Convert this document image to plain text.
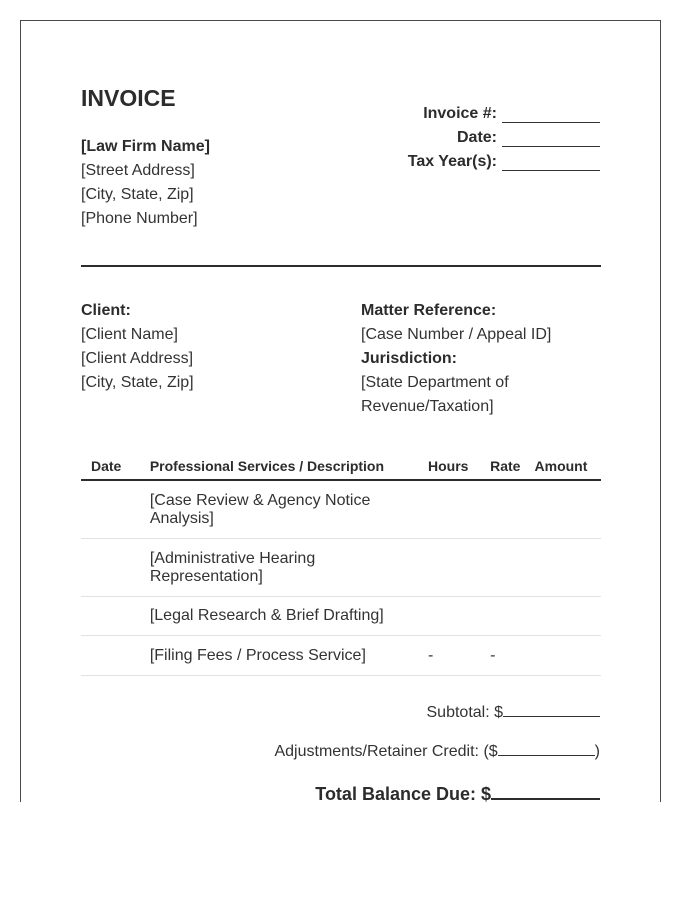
INVOICE
[Law Firm Name]
[Street Address]
[City, State, Zip]
[Phone Number]
Invoice #:
Date:
Tax Year(s):
Client:
[Client Name]
[Client Address]
[City, State, Zip]
Matter Reference:
[Case Number / Appeal ID]
Jurisdiction:
[State Department of Revenue/Taxation]
Date	Professional Services / Description	Hours	Rate	Amount
	[Case Review & Agency Notice Analysis]			
	[Administrative Hearing Representation]			
	[Legal Research & Brief Drafting]			
	[Filing Fees / Process Service]	-	-	
Subtotal: $
Adjustments/Retainer Credit: ($	)
Total Balance Due: $
